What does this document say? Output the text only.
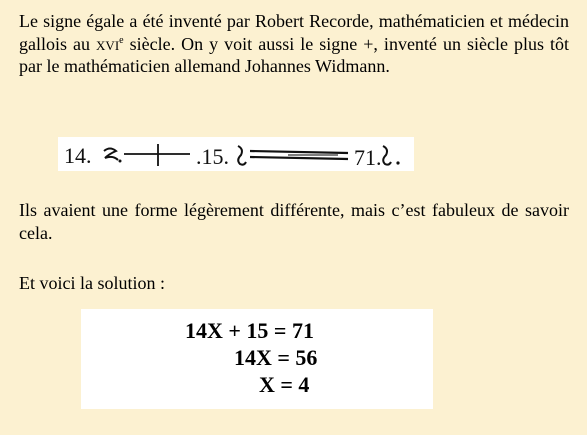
Le signe égale a été inventé par Robert Recorde, mathématicien et médecin gallois au xvi$^e$ siècle. On y voit aussi le signe +, inventé un siècle plus tôt par le mathématicien allemand Johannes Widmann.

14.	.15.	71.

Ils avaient une forme légèrement différente, mais c’est fabuleux de savoir cela.

Et voici la solution :

14X + 15 = 71
14X = 56
X = 4
